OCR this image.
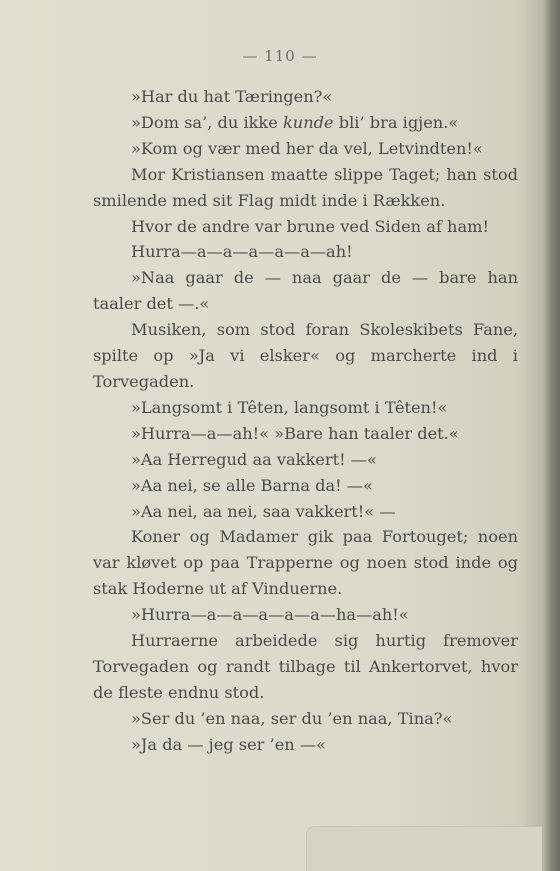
— 110 —

»Har du hat Tæringen?«

»Dom sa’, du ikke kunde bli’ bra igjen.«

»Kom og vær med her da vel, Letvindten!«

Mor Kristiansen maatte slippe Taget; han stod smilende med sit Flag midt inde i Rækken.

Hvor de andre var brune ved Siden af ham!

Hurra—a—a—a—a—a—ah!

»Naa gaar de — naa gaar de — bare han taaler det —.«

Musiken, som stod foran Skoleskibets Fane, spilte op »Ja vi elsker« og marcherte ind i Torvegaden.

»Langsomt i Têten, langsomt i Têten!«

»Hurra—a—ah!« »Bare han taaler det.«

»Aa Herregud aa vakkert! —«

»Aa nei, se alle Barna da! —«

»Aa nei, aa nei, saa vakkert!« —

Koner og Madamer gik paa Fortouget; noen var kløvet op paa Trapperne og noen stod inde og stak Hoderne ut af Vinduerne.

»Hurra—a—a—a—a—a—ha—ah!«

Hurraerne arbeidede sig hurtig fremover Torvegaden og randt tilbage til Ankertorvet, hvor de fleste endnu stod.

»Ser du ’en naa, ser du ’en naa, Tina?«

»Ja da — jeg ser ’en —«
